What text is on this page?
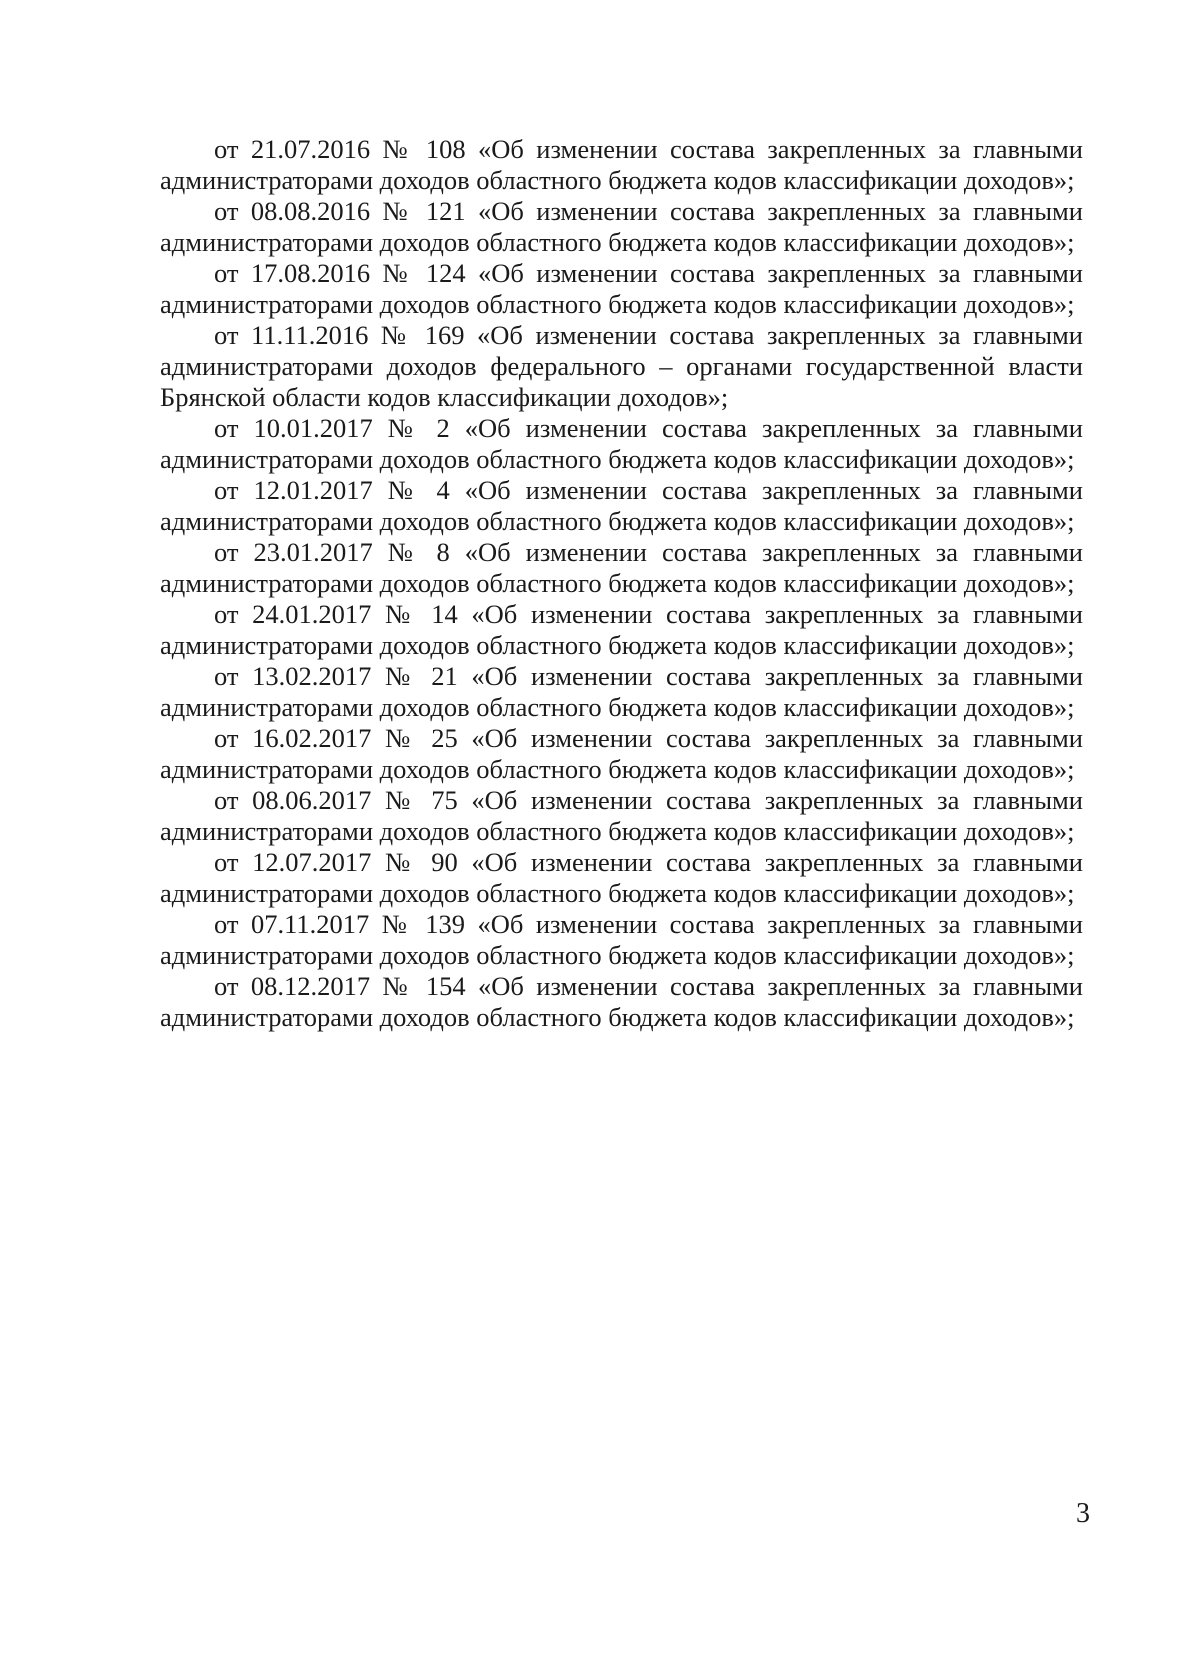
от 21.07.2016 № 108 «Об изменении состава закрепленных за главными администраторами доходов областного бюджета кодов классификации доходов»;

от 08.08.2016 № 121 «Об изменении состава закрепленных за главными администраторами доходов областного бюджета кодов классификации доходов»;

от 17.08.2016 № 124 «Об изменении состава закрепленных за главными администраторами доходов областного бюджета кодов классификации доходов»;

от 11.11.2016 № 169 «Об изменении состава закрепленных за главными администраторами доходов федерального – органами государственной власти Брянской области кодов классификации доходов»;

от 10.01.2017 № 2 «Об изменении состава закрепленных за главными администраторами доходов областного бюджета кодов классификации доходов»;

от 12.01.2017 № 4 «Об изменении состава закрепленных за главными администраторами доходов областного бюджета кодов классификации доходов»;

от 23.01.2017 № 8 «Об изменении состава закрепленных за главными администраторами доходов областного бюджета кодов классификации доходов»;

от 24.01.2017 № 14 «Об изменении состава закрепленных за главными администраторами доходов областного бюджета кодов классификации доходов»;

от 13.02.2017 № 21 «Об изменении состава закрепленных за главными администраторами доходов областного бюджета кодов классификации доходов»;

от 16.02.2017 № 25 «Об изменении состава закрепленных за главными администраторами доходов областного бюджета кодов классификации доходов»;

от 08.06.2017 № 75 «Об изменении состава закрепленных за главными администраторами доходов областного бюджета кодов классификации доходов»;

от 12.07.2017 № 90 «Об изменении состава закрепленных за главными администраторами доходов областного бюджета кодов классификации доходов»;

от 07.11.2017 № 139 «Об изменении состава закрепленных за главными администраторами доходов областного бюджета кодов классификации доходов»;

от 08.12.2017 № 154 «Об изменении состава закрепленных за главными администраторами доходов областного бюджета кодов классификации доходов»;

3
